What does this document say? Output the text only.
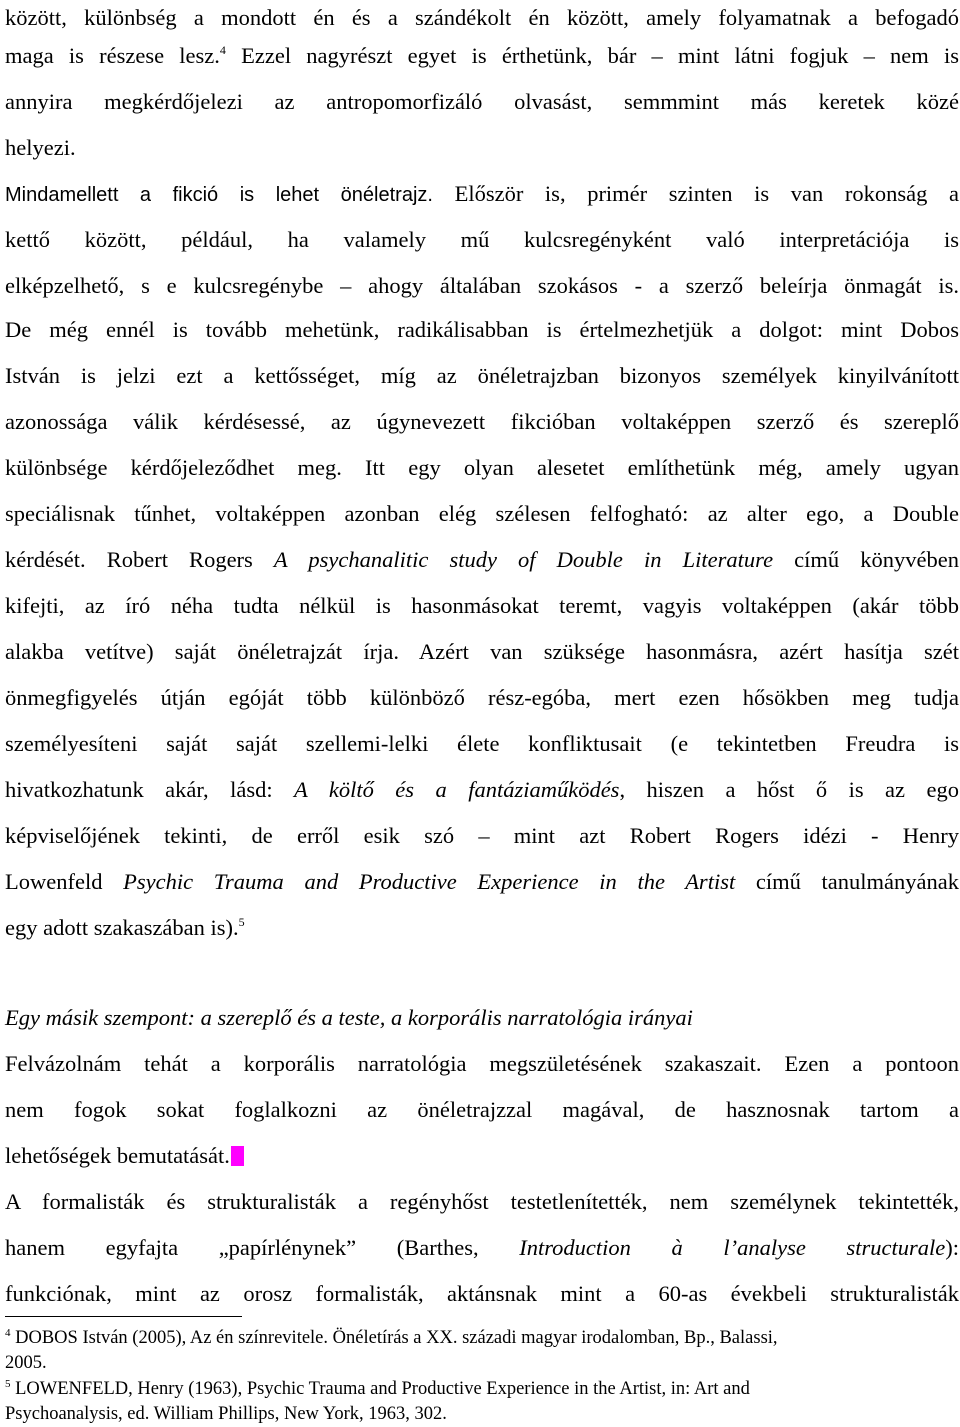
között, különbség a mondott én és a szándékolt én között, amely folyamatnak a befogadó
maga is részese lesz.$^4$ Ezzel nagyrészt egyet is érthetünk, bár – mint látni fogjuk – nem is
annyira megkérdőjelezi az antropomorfizáló olvasást, semmmint más keretek közé
helyezi.
Mindamellett a fikció is lehet önéletrajz. Először is, primér szinten is van rokonság a
kettő között, például, ha valamely mű kulcsregényként való interpretációja is
elképzelhető, s e kulcsregénybe – ahogy általában szokásos - a szerző beleírja önmagát is.
De még ennél is tovább mehetünk, radikálisabban is értelmezhetjük a dolgot: mint Dobos
István is jelzi ezt a kettősséget, míg az önéletrajzban bizonyos személyek kinyilvánított
azonossága válik kérdésessé, az úgynevezett fikcióban voltaképpen szerző és szereplő
különbsége kérdőjeleződhet meg. Itt egy olyan alesetet említhetünk még, amely ugyan
speciálisnak tűnhet, voltaképpen azonban elég szélesen felfogható: az alter ego, a Double
kérdését. Robert Rogers A psychanalitic study of Double in Literature című könyvében
kifejti, az író néha tudta nélkül is hasonmásokat teremt, vagyis voltaképpen (akár több
alakba vetítve) saját önéletrajzát írja. Azért van szüksége hasonmásra, azért hasítja szét
önmegfigyelés útján egóját több különböző rész-egóba, mert ezen hősökben meg tudja
személyesíteni saját saját szellemi-lelki élete konfliktusait (e tekintetben Freudra is
hivatkozhatunk akár, lásd: A költő és a fantáziaműködés, hiszen a hőst ő is az ego
képviselőjének tekinti, de erről esik szó – mint azt Robert Rogers idézi - Henry
Lowenfeld Psychic Trauma and Productive Experience in the Artist című tanulmányának
egy adott szakaszában is).$^5$
Egy másik szempont: a szereplő és a teste, a korporális narratológia irányai
Felvázolnám tehát a korporális narratológia megszületésének szakaszait. Ezen a pontoon
nem fogok sokat foglalkozni az önéletrajzzal magával, de hasznosnak tartom a
lehetőségek bemutatását.
A formalisták és strukturalisták a regényhőst testetlenítették, nem személynek tekintették,
hanem egyfajta „papírlénynek” (Barthes, Introduction à l’analyse structurale):
funkciónak, mint az orosz formalisták, aktánsnak mint a 60-as évekbeli strukturalisták
$^4$ DOBOS István (2005), Az én színrevitele. Önéletírás a XX. századi magyar irodalomban, Bp., Balassi,
2005.
$^5$ LOWENFELD, Henry (1963), Psychic Trauma and Productive Experience in the Artist, in: Art and
Psychoanalysis, ed. William Phillips, New York, 1963, 302.
